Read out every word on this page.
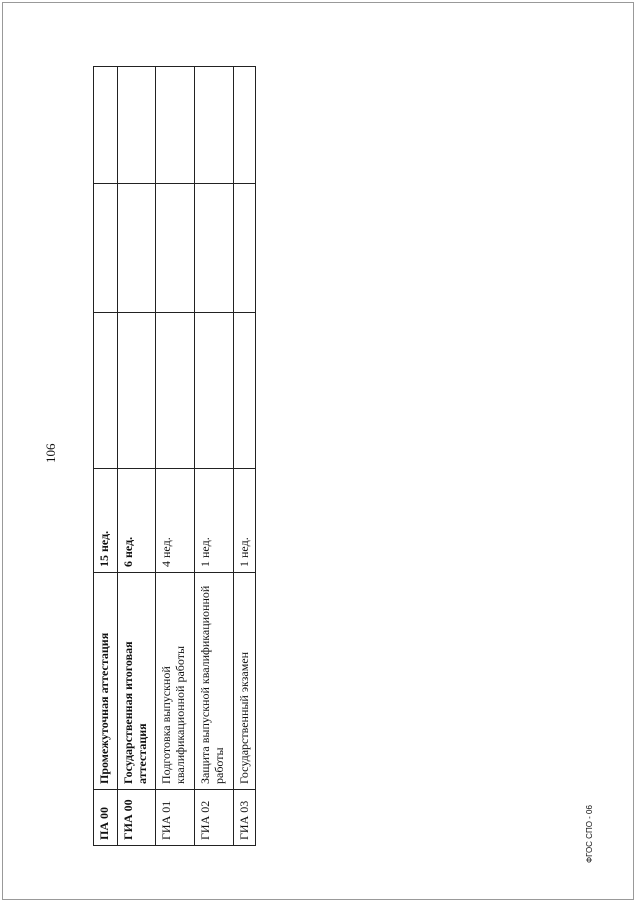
106
ПА 00	Промежуточная аттестация	15 нед.			
ГИА 00	Государственная итоговая аттестация	6 нед.			
ГИА 01	Подготовка выпускной квалификационной работы	4 нед.			
ГИА 02	Защита выпускной квалификационной работы	1 нед.			
ГИА 03	Государственный экзамен	1 нед.			
ФГОС СПО - 06
